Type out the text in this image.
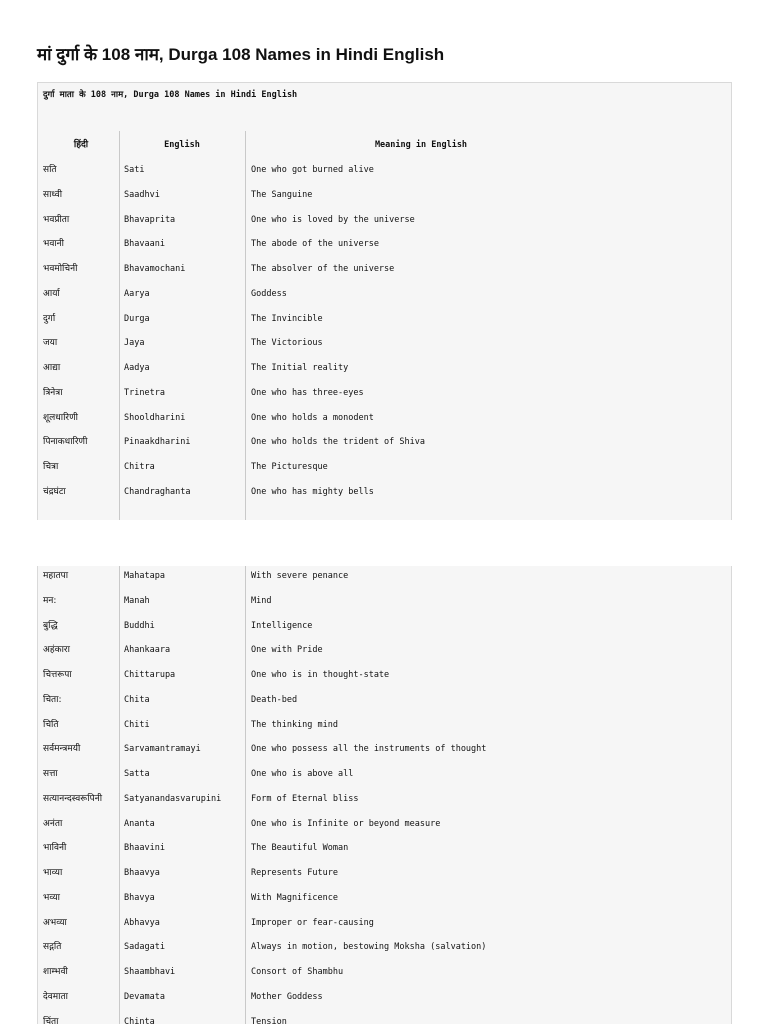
मां दुर्गा के 108 नाम, Durga 108 Names in Hindi English
दुर्गा माता के 108 नाम, Durga 108 Names in Hindi English
हिंदी	English	Meaning in English
सति	Sati	One who got burned alive
साध्वी	Saadhvi	The Sanguine
भवप्रीता	Bhavaprita	One who is loved by the universe
भवानी	Bhavaani	The abode of the universe
भवमोचिनी	Bhavamochani	The absolver of the universe
आर्या	Aarya	Goddess
दुर्गा	Durga	The Invincible
जया	Jaya	The Victorious
आद्या	Aadya	The Initial reality
त्रिनेत्रा	Trinetra	One who has three-eyes
शूलधारिणी	Shooldharini	One who holds a monodent
पिनाकधारिणी	Pinaakdharini	One who holds the trident of Shiva
चित्रा	Chitra	The Picturesque
चंद्रघंटा	Chandraghanta	One who has mighty bells
महातपा	Mahatapa	With severe penance
मन:	Manah	Mind
बुद्धि	Buddhi	Intelligence
अहंकारा	Ahankaara	One with Pride
चित्तरूपा	Chittarupa	One who is in thought-state
चिता:	Chita	Death-bed
चिति	Chiti	The thinking mind
सर्वमन्त्रमयी	Sarvamantramayi	One who possess all the instruments of thought
सत्ता	Satta	One who is above all
सत्यानन्दस्वरूपिनी	Satyanandasvarupini	Form of Eternal bliss
अनंता	Ananta	One who is Infinite or beyond measure
भाविनी	Bhaavini	The Beautiful Woman
भाव्या	Bhaavya	Represents Future
भव्या	Bhavya	With Magnificence
अभव्या	Abhavya	Improper or fear-causing
सद्गति	Sadagati	Always in motion, bestowing Moksha (salvation)
शाम्भवी	Shaambhavi	Consort of Shambhu
देवमाता	Devamata	Mother Goddess
चिंता	Chinta	Tension
